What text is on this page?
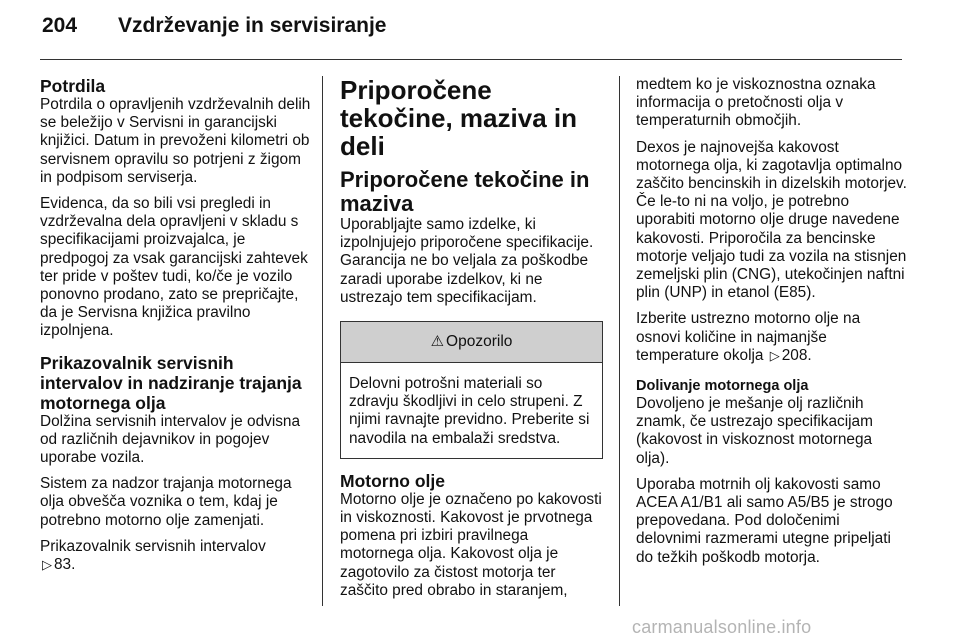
204	Vzdrževanje in servisiranje
Potrdila

Potrdila o opravljenih vzdrževalnih delih se beležijo v Servisni in garancijski knjižici. Datum in prevoženi kilometri ob servisnem opravilu so potrjeni z žigom in podpisom serviserja.

Evidenca, da so bili vsi pregledi in vzdrževalna dela opravljeni v skladu s specifikacijami proizvajalca, je predpogoj za vsak garancijski zahtevek ter pride v poštev tudi, ko/če je vozilo ponovno prodano, zato se prepričajte, da je Servisna knjižica pravilno izpolnjena.

Prikazovalnik servisnih intervalov in nadziranje trajanja motornega olja

Dolžina servisnih intervalov je odvisna od različnih dejavnikov in pogojev uporabe vozila.

Sistem za nadzor trajanja motornega olja obvešča voznika o tem, kdaj je potrebno motorno olje zamenjati.

Prikazovalnik servisnih intervalov
▷ 83.

Priporočene tekočine, maziva in deli
Priporočene tekočine in maziva

Uporabljajte samo izdelke, ki izpolnjujejo priporočene specifikacije. Garancija ne bo veljala za poškodbe zaradi uporabe izdelkov, ki ne ustrezajo tem specifikacijam.

⚠ Opozorilo
Delovni potrošni materiali so zdravju škodljivi in celo strupeni. Z njimi ravnajte previdno. Preberite si navodila na embalaži sredstva.
Motorno olje

Motorno olje je označeno po kakovosti in viskoznosti. Kakovost je prvotnega pomena pri izbiri pravilnega motornega olja. Kakovost olja je zagotovilo za čistost motorja ter zaščito pred obrabo in staranjem,

medtem ko je viskoznostna oznaka informacija o pretočnosti olja v temperaturnih območjih.

Dexos je najnovejša kakovost motornega olja, ki zagotavlja optimalno zaščito bencinskih in dizelskih motorjev. Če le-to ni na voljo, je potrebno uporabiti motorno olje druge navedene kakovosti. Priporočila za bencinske motorje veljajo tudi za vozila na stisnjen zemeljski plin (CNG), utekočinjen naftni plin (UNP) in etanol (E85).

Izberite ustrezno motorno olje na osnovi količine in najmanjše temperature okolja ▷ 208.

Dolivanje motornega olja

Dovoljeno je mešanje olj različnih znamk, če ustrezajo specifikacijam (kakovost in viskoznost motornega olja).

Uporaba motrnih olj kakovosti samo ACEA A1/B1 ali samo A5/B5 je strogo prepovedana. Pod določenimi delovnimi razmerami utegne pripeljati do težkih poškodb motorja.

carmanualsonline.info
